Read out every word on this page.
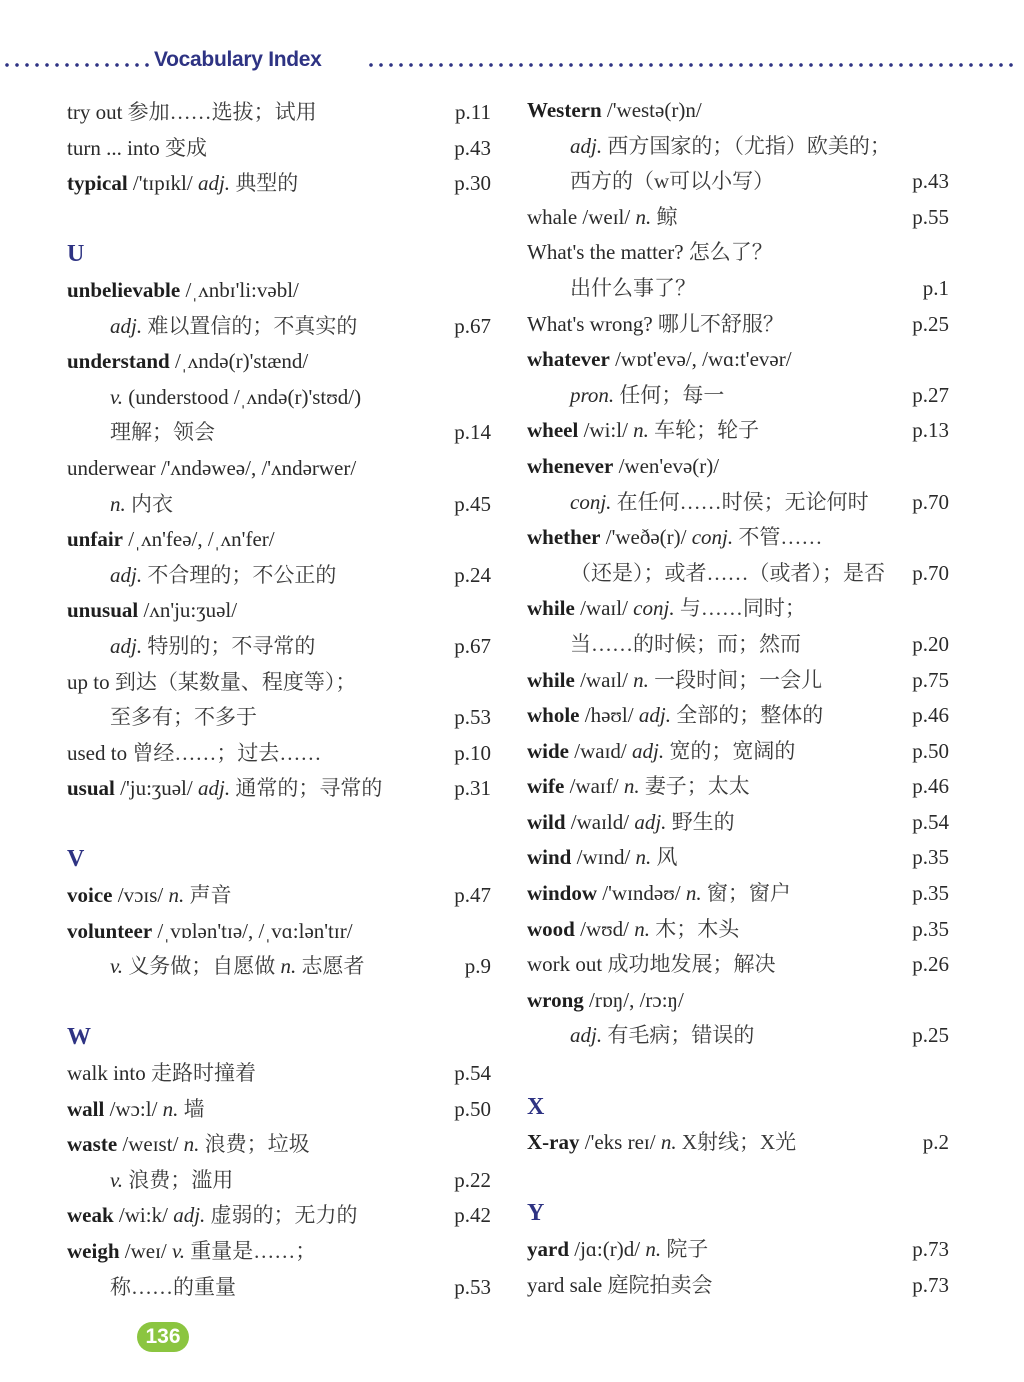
Vocabulary Index
try out 参加……选拔；试用	p.11
turn ... into 变成	p.43
typical /'tɪpɪkl/ adj. 典型的	p.30
U
unbelievable /ˌʌnbɪ'li:vəbl/
adj. 难以置信的；不真实的	p.67
understand /ˌʌndə(r)'stænd/
v. (understood /ˌʌndə(r)'stʊd/)
理解；领会	p.14
underwear /'ʌndəweə/, /'ʌndərwer/
n. 内衣	p.45
unfair /ˌʌn'feə/, /ˌʌn'fer/
adj. 不合理的；不公正的	p.24
unusual /ʌn'ju:ʒuəl/
adj. 特别的；不寻常的	p.67
up to 到达（某数量、程度等）；
至多有；不多于	p.53
used to 曾经……；过去……	p.10
usual /'ju:ʒuəl/ adj. 通常的；寻常的	p.31
V
voice /vɔɪs/ n. 声音	p.47
volunteer /ˌvɒlən'tɪə/, /ˌvɑ:lən'tɪr/
v. 义务做；自愿做 n. 志愿者	p.9
W
walk into 走路时撞着	p.54
wall /wɔ:l/ n. 墙	p.50
waste /weɪst/ n. 浪费；垃圾
v. 浪费；滥用	p.22
weak /wi:k/ adj. 虚弱的；无力的	p.42
weigh /weɪ/ v. 重量是……；
称……的重量	p.53
Western /'westə(r)n/
adj. 西方国家的；（尤指）欧美的；
西方的（w可以小写）	p.43
whale /weɪl/ n. 鲸	p.55
What's the matter? 怎么了？
出什么事了？	p.1
What's wrong? 哪儿不舒服？	p.25
whatever /wɒt'evə/, /wɑ:t'evər/
pron. 任何；每一	p.27
wheel /wi:l/ n. 车轮；轮子	p.13
whenever /wen'evə(r)/
conj. 在任何……时侯；无论何时 p.70
whether /'weðə(r)/ conj. 不管……
（还是）；或者……（或者）；是否 p.70
while /waɪl/ conj. 与……同时；
当……的时候；而；然而	p.20
while /waɪl/ n. 一段时间；一会儿	p.75
whole /həʊl/ adj. 全部的；整体的	p.46
wide /waɪd/ adj. 宽的；宽阔的	p.50
wife /waɪf/ n. 妻子；太太	p.46
wild /waɪld/ adj. 野生的	p.54
wind /wɪnd/ n. 风	p.35
window /'wɪndəʊ/ n. 窗；窗户	p.35
wood /wʊd/ n. 木；木头	p.35
work out 成功地发展；解决	p.26
wrong /rɒŋ/, /rɔ:ŋ/
adj. 有毛病；错误的	p.25
X
X-ray /'eks reɪ/ n. X射线；X光	p.2
Y
yard /jɑ:(r)d/ n. 院子	p.73
yard sale 庭院拍卖会	p.73
136
